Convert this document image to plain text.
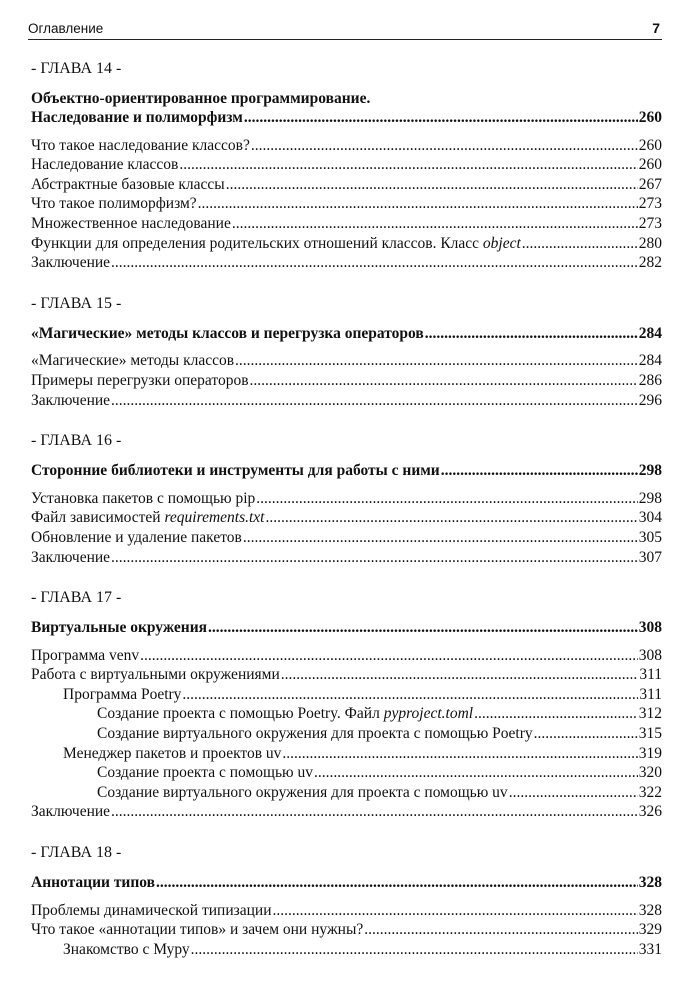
Оглавление	7
- ГЛАВА 14 -
Объектно-ориентированное программирование.
Наследование и полиморфизм .....	260
Что такое наследование классов? .....	260
Наследование классов .....	260
Абстрактные базовые классы .....	267
Что такое полиморфизм? .....	273
Множественное наследование .....	273
Функции для определения родительских отношений классов. Класс object .....	280
Заключение .....	282
- ГЛАВА 15 -
«Магические» методы классов и перегрузка операторов .....	284
«Магические» методы классов .....	284
Примеры перегрузки операторов .....	286
Заключение .....	296
- ГЛАВА 16 -
Сторонние библиотеки и инструменты для работы с ними .....	298
Установка пакетов с помощью pip .....	298
Файл зависимостей requirements.txt .....	304
Обновление и удаление пакетов .....	305
Заключение .....	307
- ГЛАВА 17 -
Виртуальные окружения .....	308
Программа venv .....	308
Работа с виртуальными окружениями .....	311
Программа Poetry .....	311
Создание проекта с помощью Poetry. Файл pyproject.toml .....	312
Создание виртуального окружения для проекта с помощью Poetry .....	315
Менеджер пакетов и проектов uv .....	319
Создание проекта с помощью uv .....	320
Создание виртуального окружения для проекта с помощью uv .....	322
Заключение .....	326
- ГЛАВА 18 -
Аннотации типов .....	328
Проблемы динамической типизации .....	328
Что такое «аннотации типов» и зачем они нужны? .....	329
Знакомство с Муру .....	331
